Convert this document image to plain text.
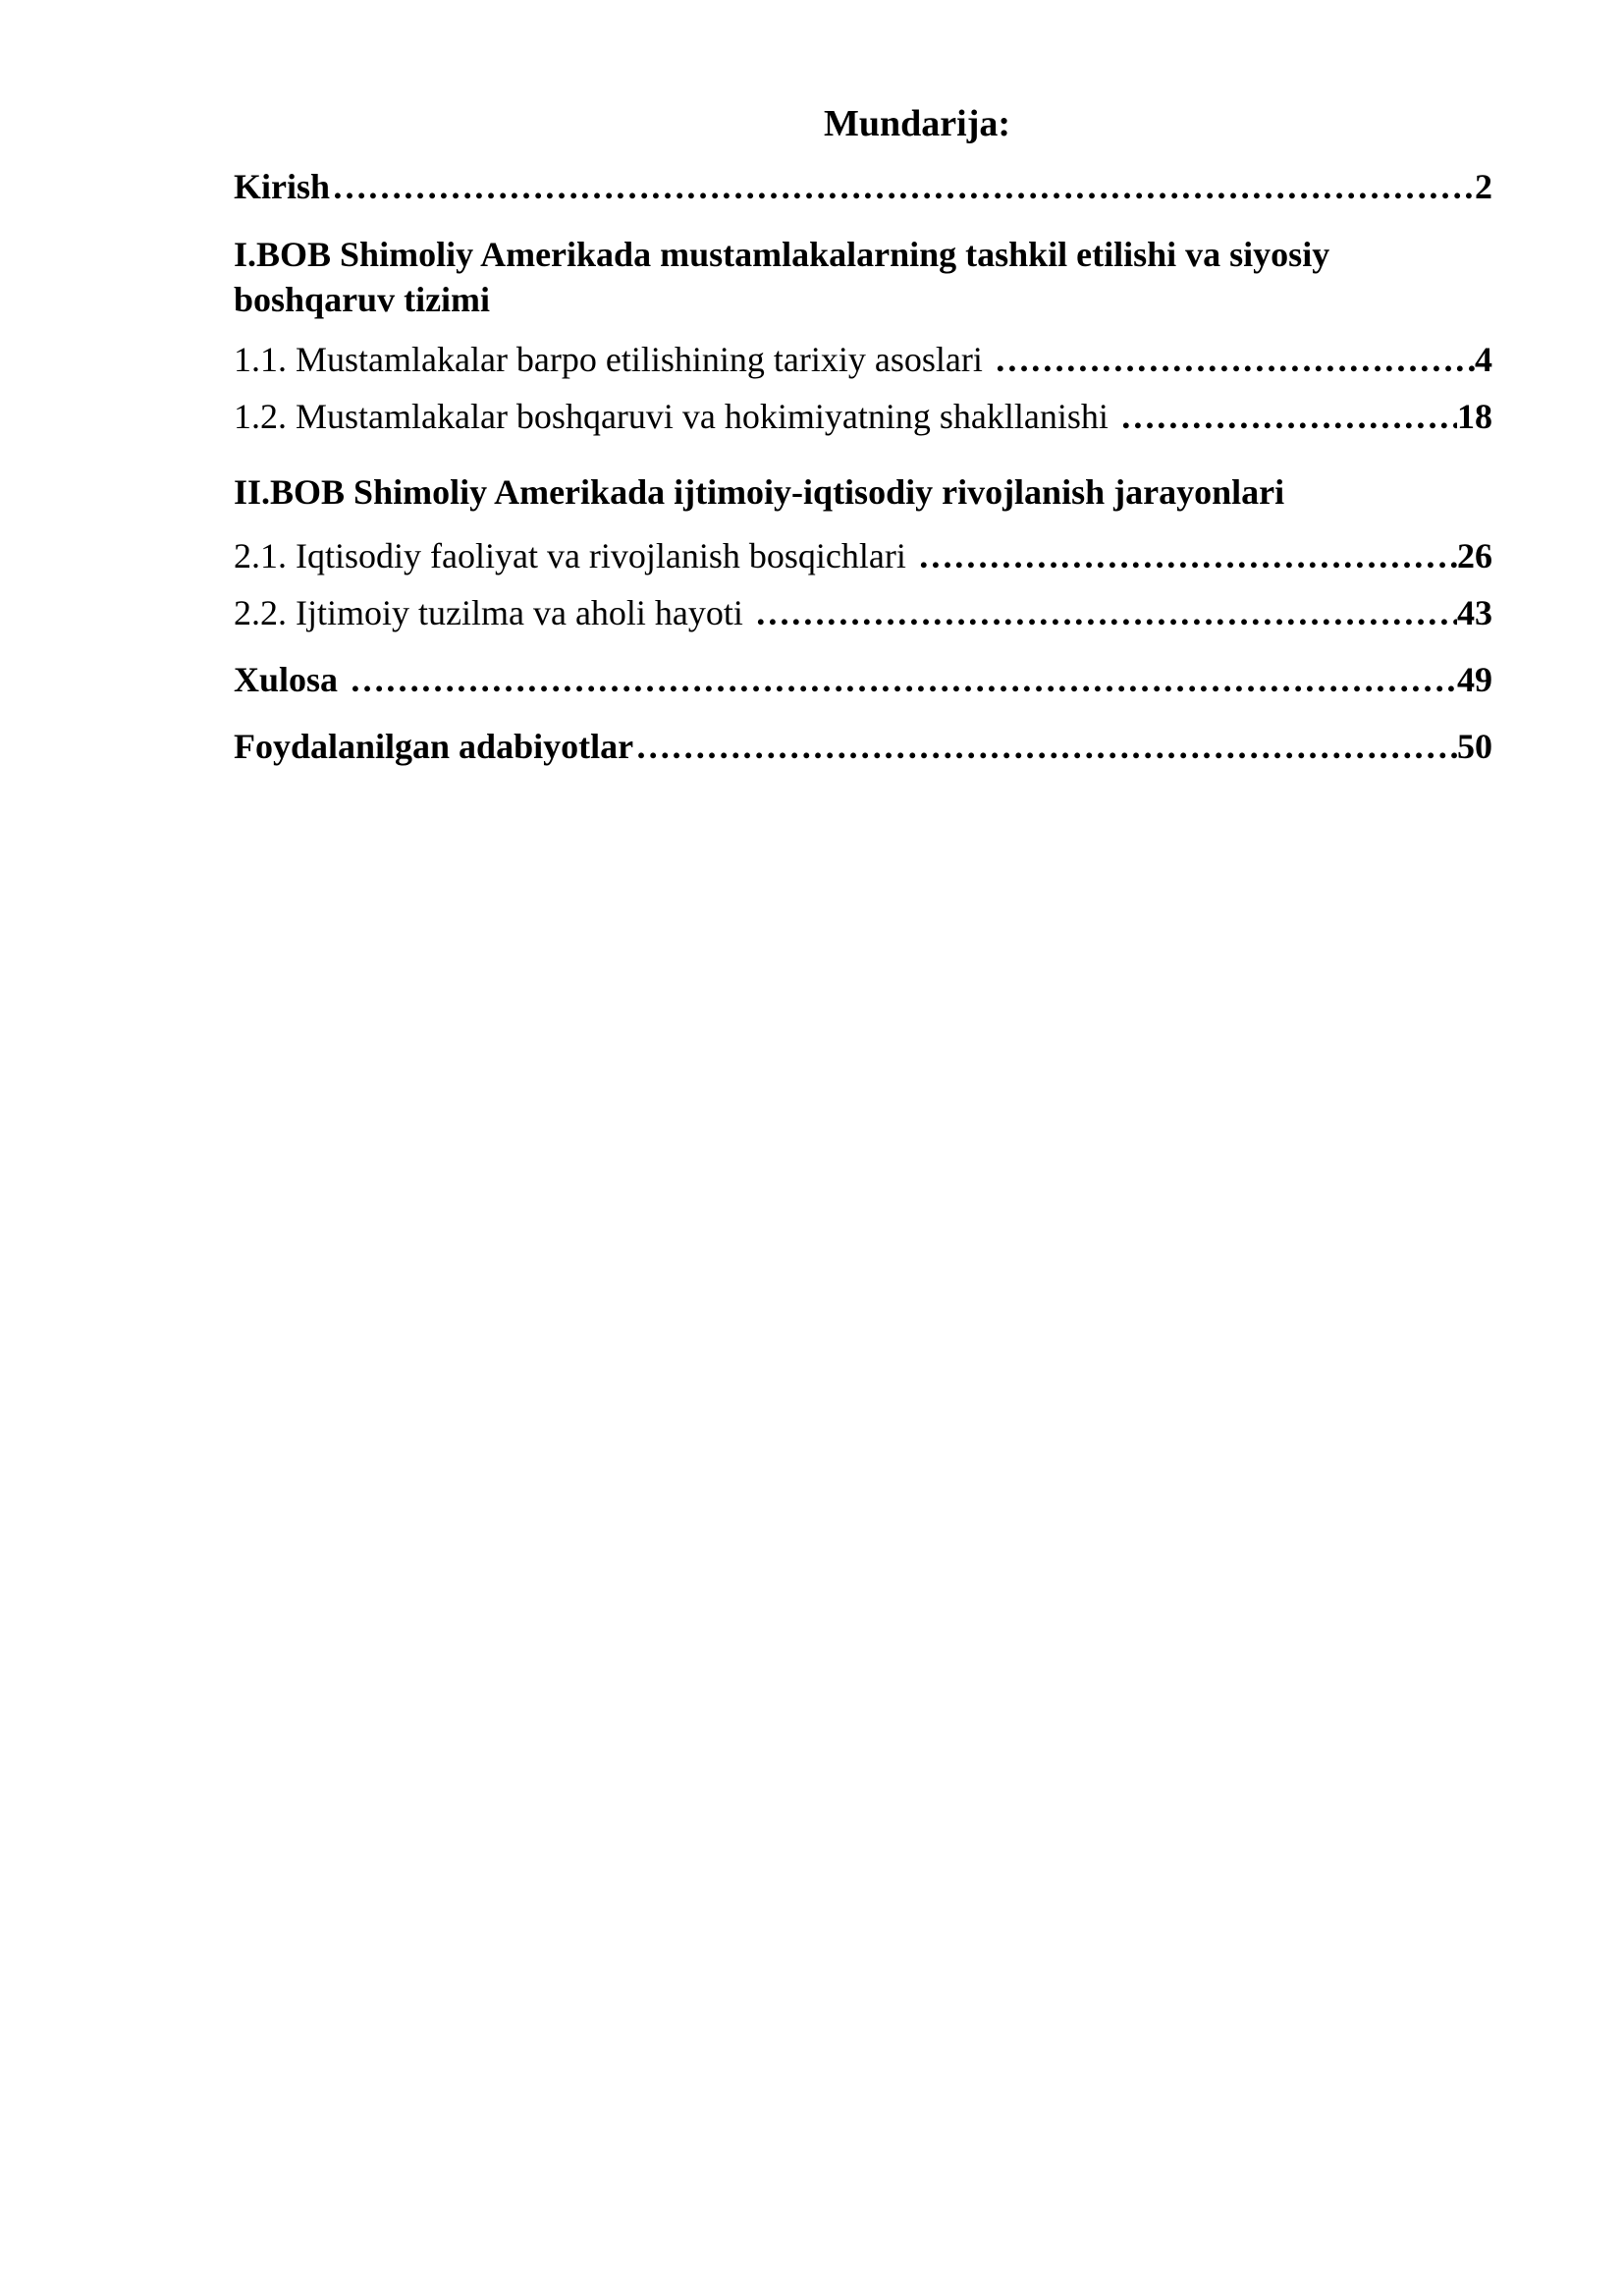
Mundarija:
Kirish ……………………………………………………………………………………………………………………………………………………………………………	2
I.BOB Shimoliy Amerikada mustamlakalarning tashkil etilishi va siyosiy boshqaruv tizimi
1.1. Mustamlakalar barpo etilishining tarixiy asoslari ……………………………………………………………………………………………………………………………………………………………………………	4
1.2. Mustamlakalar boshqaruvi va hokimiyatning shakllanishi ……………………………………………………………………………………………………………………………………………………………………………	18
II.BOB Shimoliy Amerikada ijtimoiy-iqtisodiy rivojlanish jarayonlari
2.1. Iqtisodiy faoliyat va rivojlanish bosqichlari ……………………………………………………………………………………………………………………………………………………………………………	26
2.2. Ijtimoiy tuzilma va aholi hayoti ……………………………………………………………………………………………………………………………………………………………………………	43
Xulosa ……………………………………………………………………………………………………………………………………………………………………………	49
Foydalanilgan adabiyotlar ……………………………………………………………………………………………………………………………………………………………………………	50
